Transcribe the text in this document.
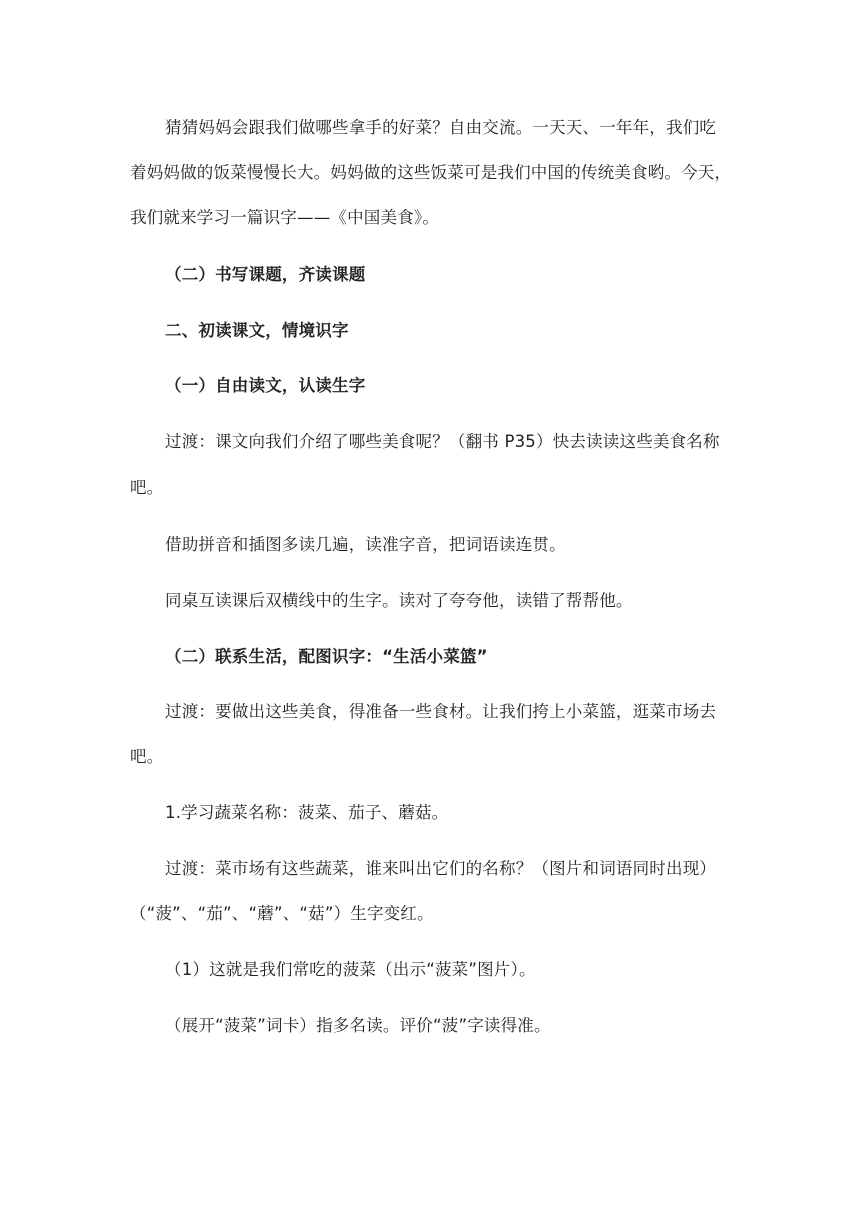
猜猜妈妈会跟我们做哪些拿手的好菜？自由交流。一天天、一年年，我们吃
着妈妈做的饭菜慢慢长大。妈妈做的这些饭菜可是我们中国的传统美食哟。今天，
我们就来学习一篇识字——《中国美食》。
（二）书写课题，齐读课题
二、初读课文，情境识字
（一）自由读文，认读生字
过渡：课文向我们介绍了哪些美食呢？（翻书 P35）快去读读这些美食名称
吧。
借助拼音和插图多读几遍，读准字音，把词语读连贯。
同桌互读课后双横线中的生字。读对了夸夸他，读错了帮帮他。
（二）联系生活，配图识字：“生活小菜篮”
过渡：要做出这些美食，得准备一些食材。让我们挎上小菜篮，逛菜市场去
吧。
1.学习蔬菜名称：菠菜、茄子、蘑菇。
过渡：菜市场有这些蔬菜，谁来叫出它们的名称？（图片和词语同时出现）
（“菠”、“茄”、“蘑”、“菇”）生字变红。
（1）这就是我们常吃的菠菜（出示“菠菜”图片）。
（展开“菠菜”词卡）指多名读。评价“菠”字读得准。
